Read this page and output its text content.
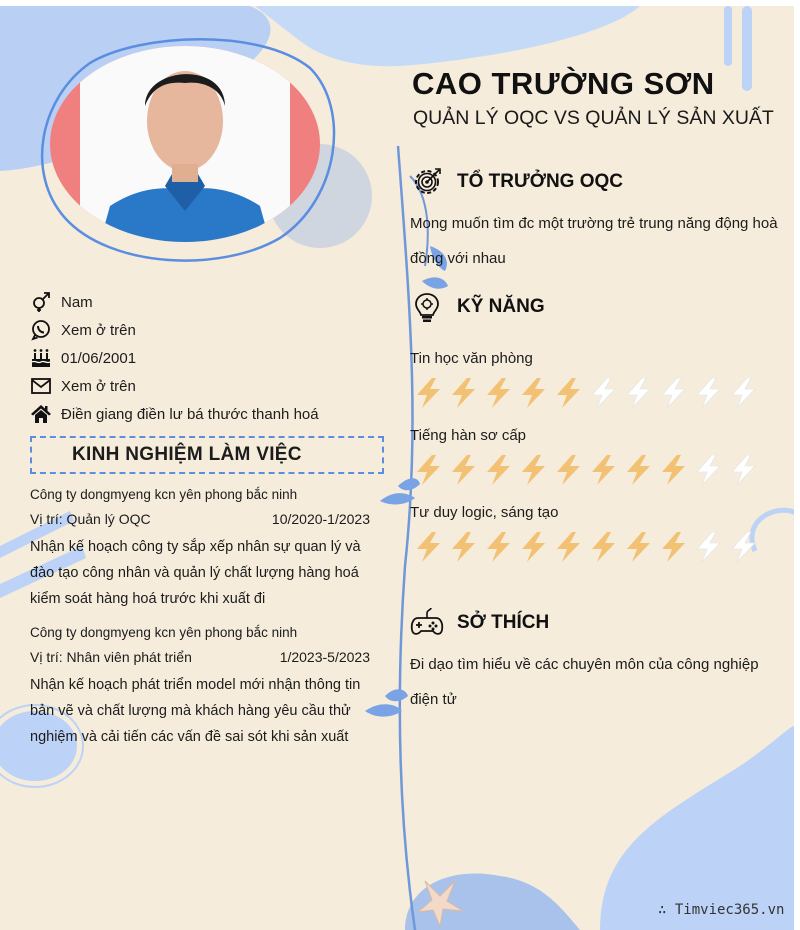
Nam
Xem ở trên
01/06/2001
Xem ở trên
Điền giang điền lư bá thước thanh hoá
KINH NGHIỆM LÀM VIỆC
Công ty dongmyeng kcn yên phong bắc ninh
Vị trí: Quản lý OQC	10/2020-1/2023
Nhận kế hoạch công ty sắp xếp nhân sự quan lý và đào tạo công nhân và quản lý chất lượng hàng hoá kiểm soát hàng hoá trước khi xuất đi
Công ty dongmyeng kcn yên phong bắc ninh
Vị trí: Nhân viên phát triển	1/2023-5/2023
Nhận kế hoạch phát triển model mới nhận thông tin bản vẽ và chất lượng mà khách hàng yêu cầu thử nghiệm và cải tiến các vấn đề sai sót khi sản xuất
CAO TRƯỜNG SƠN
QUẢN LÝ OQC VS QUẢN LÝ SẢN XUẤT
TỔ TRƯỞNG OQC
Mong muốn tìm đc một trường trẻ trung năng động hoà đồng với nhau
KỸ NĂNG
Tin học văn phòng
Tiếng hàn sơ cấp
Tư duy logic, sáng tạo
SỞ THÍCH
Đi dạo tìm hiểu về các chuyên môn của công nghiệp điện tử
∴ Timviec365.vn
